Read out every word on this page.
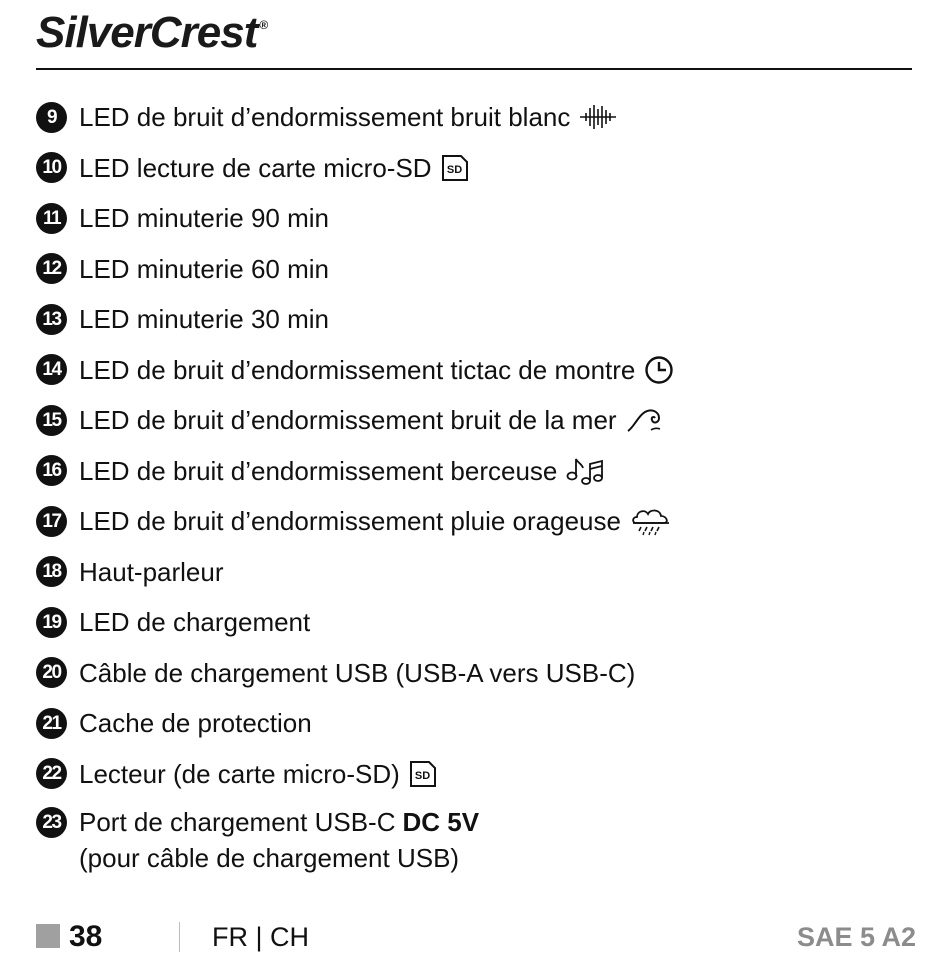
SilverCrest ®
9 LED de bruit d’endormissement bruit blanc
10 LED lecture de carte micro-SD SD
11 LED minuterie 90 min
12 LED minuterie 60 min
13 LED minuterie 30 min
14 LED de bruit d’endormissement tictac de montre
15 LED de bruit d’endormissement bruit de la mer
16 LED de bruit d’endormissement berceuse
17 LED de bruit d’endormissement pluie orageuse
18 Haut-parleur
19 LED de chargement
20 Câble de chargement USB (USB-A vers USB-C)
21 Cache de protection
22 Lecteur (de carte micro-SD) SD
23 Port de chargement USB-C DC 5V
(pour câble de chargement USB)
38	FR | CH	SAE 5 A2
